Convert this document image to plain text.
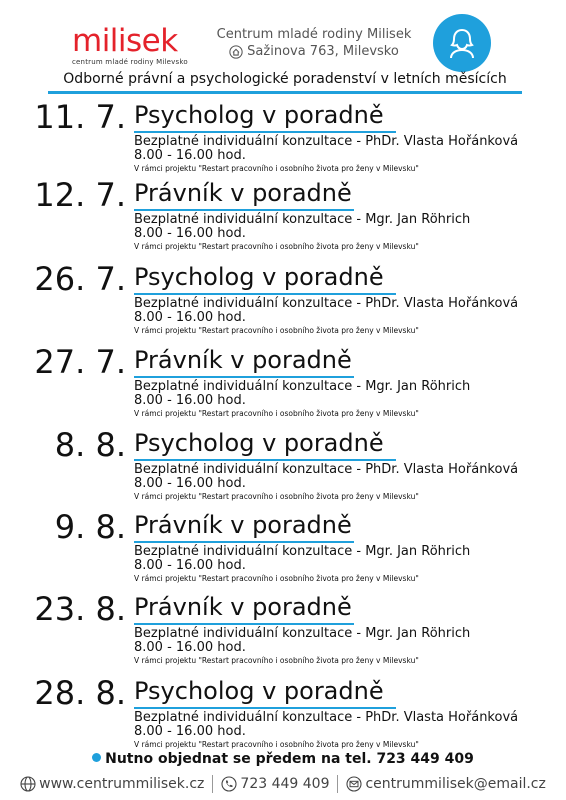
milisek
centrum mladé rodiny Milevsko
Centrum mladé rodiny Milisek
Sažinova 763, Milevsko
Odborné právní a psychologické poradenství v letních měsících
11. 7. Psycholog v poradně
Bezplatné individuální konzultace - PhDr. Vlasta Hořánková
8.00 - 16.00 hod.
V rámci projektu "Restart pracovního i osobního života pro ženy v Milevsku"
12. 7. Právník v poradně
Bezplatné individuální konzultace - Mgr. Jan Röhrich
8.00 - 16.00 hod.
V rámci projektu "Restart pracovního i osobního života pro ženy v Milevsku"
26. 7. Psycholog v poradně
Bezplatné individuální konzultace - PhDr. Vlasta Hořánková
8.00 - 16.00 hod.
V rámci projektu "Restart pracovního i osobního života pro ženy v Milevsku"
27. 7. Právník v poradně
Bezplatné individuální konzultace - Mgr. Jan Röhrich
8.00 - 16.00 hod.
V rámci projektu "Restart pracovního i osobního života pro ženy v Milevsku"
8. 8. Psycholog v poradně
Bezplatné individuální konzultace - PhDr. Vlasta Hořánková
8.00 - 16.00 hod.
V rámci projektu "Restart pracovního i osobního života pro ženy v Milevsku"
9. 8. Právník v poradně
Bezplatné individuální konzultace - Mgr. Jan Röhrich
8.00 - 16.00 hod.
V rámci projektu "Restart pracovního i osobního života pro ženy v Milevsku"
23. 8. Právník v poradně
Bezplatné individuální konzultace - Mgr. Jan Röhrich
8.00 - 16.00 hod.
V rámci projektu "Restart pracovního i osobního života pro ženy v Milevsku"
28. 8. Psycholog v poradně
Bezplatné individuální konzultace - PhDr. Vlasta Hořánková
8.00 - 16.00 hod.
V rámci projektu "Restart pracovního i osobního života pro ženy v Milevsku"
Nutno objednat se předem na tel. 723 449 409
www.centrummilisek.cz	723 449 409	centrummilisek@email.cz
